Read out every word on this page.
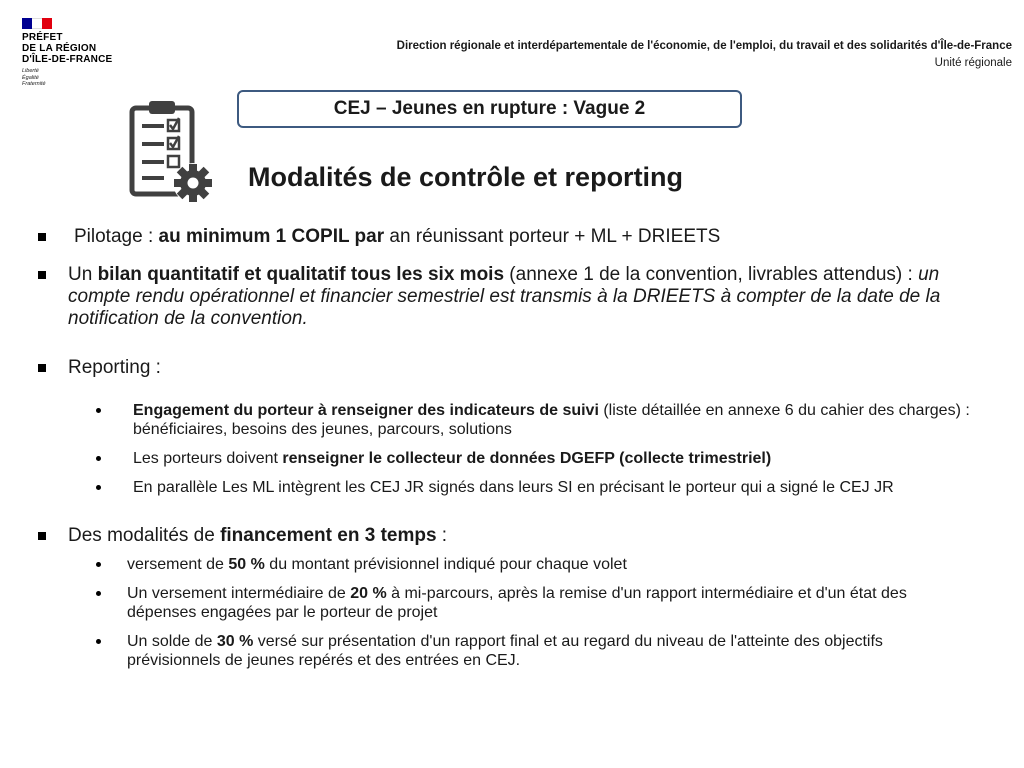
PRÉFET
DE LA RÉGION
D'ÎLE-DE-FRANCE
Liberté
Égalité
Fraternité
Direction régionale et interdépartementale de l'économie, de l'emploi, du travail et des solidarités d'Île-de-France
Unité régionale
CEJ – Jeunes en rupture : Vague 2
Modalités de contrôle et reporting
Pilotage : au minimum 1 COPIL par an réunissant porteur + ML + DRIEETS
Un bilan quantitatif et qualitatif tous les six mois (annexe 1 de la convention, livrables attendus) : un compte rendu opérationnel et financier semestriel est transmis à la DRIEETS à compter de la date de la notification de la convention.
Reporting :
Engagement du porteur à renseigner des indicateurs de suivi (liste détaillée en annexe 6 du cahier des charges) : bénéficiaires, besoins des jeunes, parcours, solutions
Les porteurs doivent renseigner le collecteur de données DGEFP (collecte trimestriel)
En parallèle Les ML intègrent les CEJ JR signés dans leurs SI en précisant le porteur qui a signé le CEJ JR
Des modalités de financement en 3 temps :
versement de 50 % du montant prévisionnel indiqué pour chaque volet
Un versement intermédiaire de 20 % à mi-parcours, après la remise d'un rapport intermédiaire et d'un état des dépenses engagées par le porteur de projet
Un solde de 30 % versé sur présentation d'un rapport final et au regard du niveau de l'atteinte des objectifs prévisionnels de jeunes repérés et des entrées en CEJ.
